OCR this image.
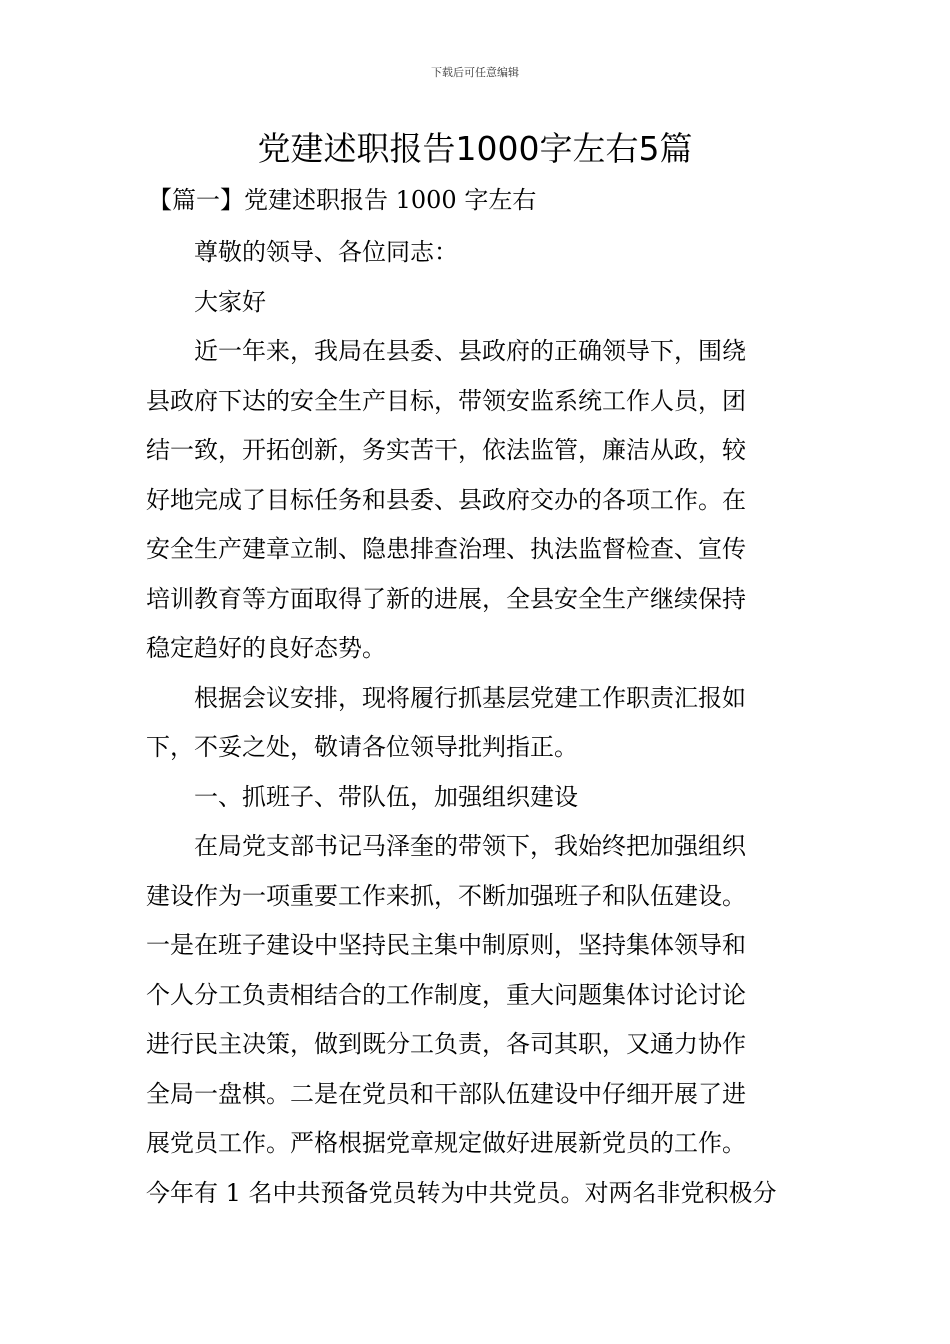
下载后可任意编辑
党建述职报告1000字左右5篇
【篇一】党建述职报告 1000 字左右

尊敬的领导、各位同志：

大家好

近一年来，我局在县委、县政府的正确领导下，围绕
县政府下达的安全生产目标，带领安监系统工作人员，团
结一致，开拓创新，务实苦干，依法监管，廉洁从政，较
好地完成了目标任务和县委、县政府交办的各项工作。在
安全生产建章立制、隐患排查治理、执法监督检查、宣传
培训教育等方面取得了新的进展，全县安全生产继续保持
稳定趋好的良好态势。

根据会议安排，现将履行抓基层党建工作职责汇报如
下，不妥之处，敬请各位领导批判指正。

一、抓班子、带队伍，加强组织建设

在局党支部书记马泽奎的带领下，我始终把加强组织
建设作为一项重要工作来抓，不断加强班子和队伍建设。
一是在班子建设中坚持民主集中制原则，坚持集体领导和
个人分工负责相结合的工作制度，重大问题集体讨论讨论
进行民主决策，做到既分工负责，各司其职，又通力协作
全局一盘棋。二是在党员和干部队伍建设中仔细开展了进
展党员工作。严格根据党章规定做好进展新党员的工作。
今年有 1 名中共预备党员转为中共党员。对两名非党积极分
